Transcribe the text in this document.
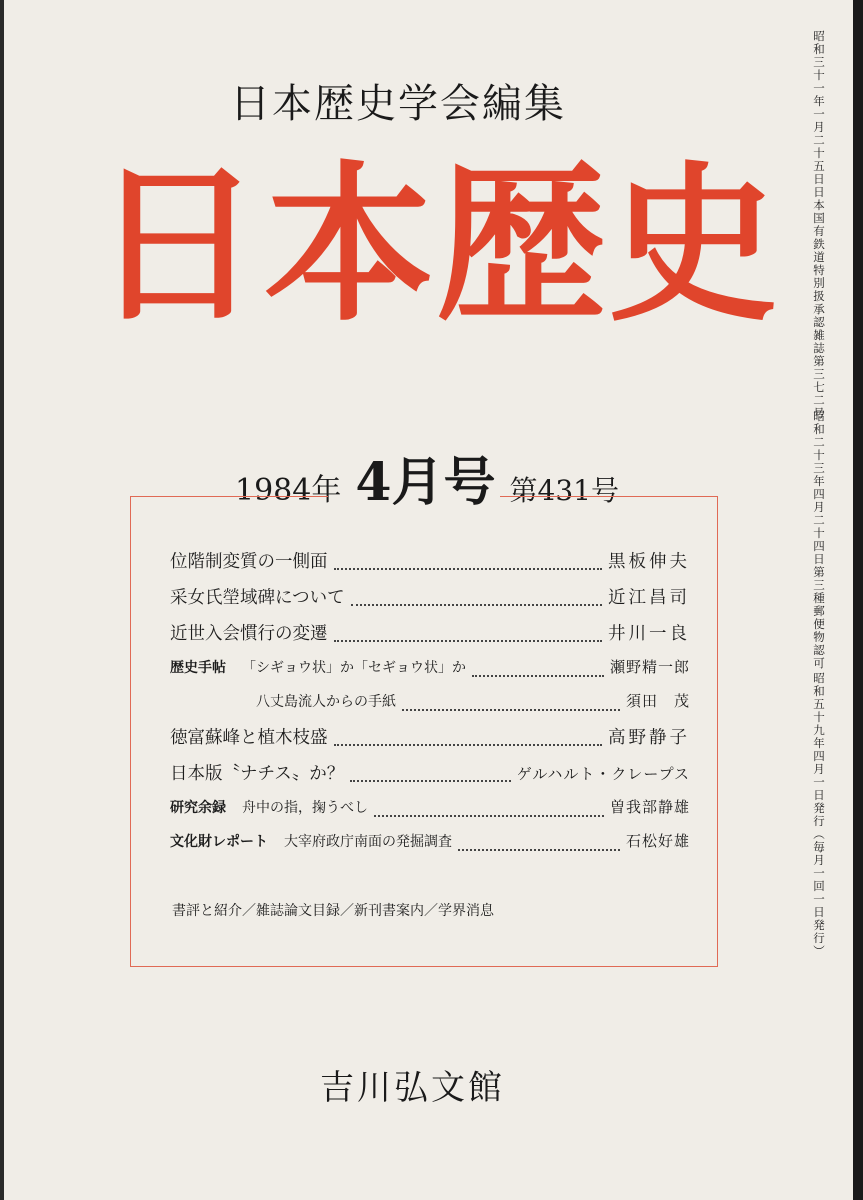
日本歴史学会編集
日本歴史
1984年 4月号 第431号
位階制変質の一側面	黒板伸夫
采女氏塋域碑について	近江昌司
近世入会慣行の変遷	井川一良
歴史手帖 「シギョウ状」か「セギョウ状」か	瀬野精一郎
八丈島流人からの手紙	須田　茂
徳富蘇峰と植木枝盛	高野静子
日本版〝ナチス〟か？	ゲルハルト・クレープス
研究余録 舟中の指，掬うべし	曽我部静雄
文化財レポート 大宰府政庁南面の発掘調査	石松好雄
書評と紹介／雑誌論文目録／新刊書案内／学界消息
吉川弘文館
昭和三十一年一月二十五日日本国有鉄道特別扱承認雑誌第三七二号
昭和二十三年四月二十四日第三種郵便物認可
昭和五十九年四月一日発行（毎月一回一日発行）
